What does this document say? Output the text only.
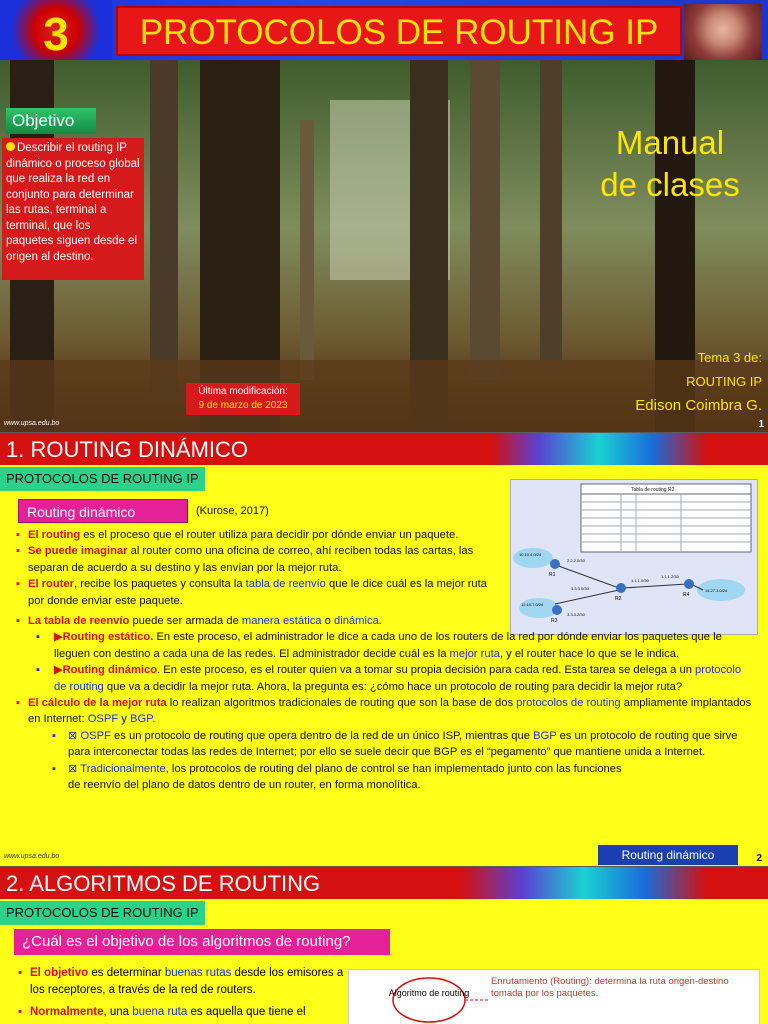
3	PROTOCOLOS DE ROUTING IP
Objetivo
Describir el routing IP dinámico o proceso global que realiza la red en conjunto para determinar las rutas, terminal a terminal, que los paquetes siguen desde el origen al destino.
Manual
de clases
Tema 3 de:
ROUTING IP
Edison Coimbra G.
Última modificación:
9 de marzo de 2023
www.upsa.edu.bo	1
1. ROUTING DINÁMICO
PROTOCOLOS DE ROUTING IP
Routing dinámico	(Kurose, 2017)
Tabla de routing R2
R1
R2
R3
R4
10.10.4.0/24
2.2.2.0/30
1.1.1.0/30
1.1.1.2/30
14.27.3.0/24
3.3.3.0/30
12.10.7.0/24
3.3.3.2/30

▪ El routing es el proceso que el router utiliza para decidir por dónde enviar un paquete.

▪ Se puede imaginar al router como una oficina de correo, ahí reciben todas las cartas, las separan de acuerdo a su destino y las envían por la mejor ruta.

▪ El router, recibe los paquetes y consulta la tabla de reenvío que le dice cuál es la mejor ruta por donde enviar este paquete.

▪ La tabla de reenvío puede ser armada de manera estática o dinámica.

▪ ▶Routing estático. En este proceso, el administrador le dice a cada uno de los routers de la red por dónde enviar los paquetes que le lleguen con destino a cada una de las redes. El administrador decide cuál es la mejor ruta, y el router hace lo que se le indica.

▪ ▶Routing dinámico. En este proceso, es el router quien va a tomar su propia decisión para cada red. Esta tarea se delega a un protocolo de routing que va a decidir la mejor ruta. Ahora, la pregunta es: ¿cómo hace un protocolo de routing para decidir la mejor ruta?

▪ El cálculo de la mejor ruta lo realizan algoritmos tradicionales de routing que son la base de dos protocolos de routing ampliamente implantados en Internet: OSPF y BGP.

▪ ⊠ OSPF es un protocolo de routing que opera dentro de la red de un único ISP, mientras que BGP es un protocolo de routing que sirve para interconectar todas las redes de Internet; por ello se suele decir que BGP es el “pegamento” que mantiene unida a Internet.

▪ ⊠ Tradicionalmente, los protocolos de routing del plano de control se han implementado junto con las funciones de reenvío del plano de datos dentro de un router, en forma monolítica.

www.upsa.edu.bo	Routing dinámico	2
2. ALGORITMOS DE ROUTING
PROTOCOLOS DE ROUTING IP
¿Cuál es el objetivo de los algoritmos de routing?

▪ El objetivo es determinar buenas rutas desde los emisores a los receptores, a través de la red de routers.

▪ Normalmente, una buena ruta es aquella que tiene el

Algoritmo de routing
Enrutamiento (Routing): determina la ruta origen-destino tomada por los paquetes.
